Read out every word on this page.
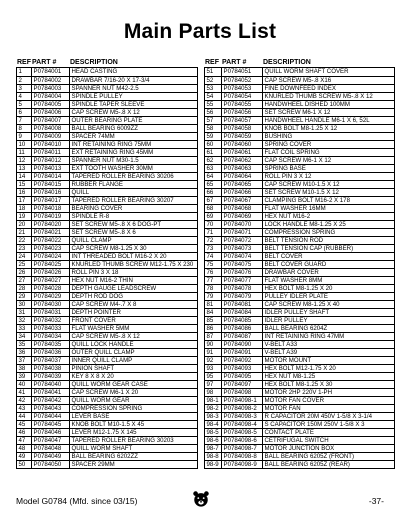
Main Parts List
REF PART #	DESCRIPTION
1	P0784001	HEAD CASTING
2	P0784002	DRAWBAR 7/16-20 X 17-3/4
3	P0784003	SPANNER NUT M42-2.5
4	P0784004	SPINDLE PULLEY
5	P0784005	SPINDLE TAPER SLEEVE
6	P0784006	CAP SCREW M5-.8 X 12
7	P0784007	OUTER BEARING PLATE
8	P0784008	BALL BEARING 6009ZZ
9	P0784009	SPACER 74MM
10	P0784010	INT RETAINING RING 75MM
11	P0784011	EXT RETAINING RING 45MM
12	P0784012	SPANNER NUT M30-1.5
13	P0784013	EXT TOOTH WASHER 30MM
14	P0784014	TAPERED ROLLER BEARING 30206
15	P0784015	RUBBER FLANGE
16	P0784016	QUILL
17	P0784017	TAPERED ROLLER BEARING 30207
18	P0784018	BEARING COVER
19	P0784019	SPINDLE R-8
20	P0784020	SET SCREW M5-.8 X 6 DOG-PT
21	P0784021	SET SCREW M5-.8 X 6
22	P0784022	QUILL CLAMP
23	P0784023	CAP SCREW M8-1.25 X 30
24	P0784024	INT THREADED BOLT M16-2 X 20
25	P0784025	KNURLED THUMB SCREW M12-1.75 X 230
26	P0784026	ROLL PIN 3 X 18
27	P0784027	HEX NUT M16-2 THIN
28	P0784028	DEPTH GAUGE LEADSCREW
29	P0784029	DEPTH ROD DOG
30	P0784030	CAP SCREW M4-.7 X 8
31	P0784031	DEPTH POINTER
32	P0784032	FRONT COVER
33	P0784033	FLAT WASHER 5MM
34	P0784034	CAP SCREW M5-.8 X 12
35	P0784035	QUILL LOCK HANDLE
36	P0784036	OUTER QUILL CLAMP
37	P0784037	INNER QUILL CLAMP
38	P0784038	PINION SHAFT
39	P0784039	KEY 8 X 8 X 20
40	P0784040	QUILL WORM GEAR CASE
41	P0784041	CAP SCREW M6-1 X 20
42	P0784042	QUILL WORM GEAR
43	P0784043	COMPRESSION SPRING
44	P0784044	LEVER BASE
45	P0784045	KNOB BOLT M10-1.5 X 45
46	P0784046	LEVER M12-1.75 X 145
47	P0784047	TAPERED ROLLER BEARING 30203
48	P0784048	QUILL WORM SHAFT
49	P0784049	BALL BEARING 6202ZZ
50	P0784050	SPACER 29MM
REF PART #	DESCRIPTION
51	P0784051	QUILL WORM SHAFT COVER
52	P0784052	CAP SCREW M5-.8 X16
53	P0784053	FINE DOWNFEED INDEX
54	P0784054	KNURLED THUMB SCREW M5-.8 X 12
55	P0784055	HANDWHEEL DISHED 100MM
56	P0784056	SET SCREW M6-1 X 12
57	P0784057	HANDWHEEL HANDLE M6-1 X 6, 52L
58	P0784058	KNOB BOLT M8-1.25 X 12
59	P0784059	BUSHING
60	P0784060	SPRING COVER
61	P0784061	FLAT COIL SPRING
62	P0784062	CAP SCREW M6-1 X 12
63	P0784063	SPRING BASE
64	P0784064	ROLL PIN 3 X 12
65	P0784065	CAP SCREW M10-1.5 X 12
66	P0784066	SET SCREW M10-1.5 X 12
67	P0784067	CLAMPING BOLT M16-2 X 178
68	P0784068	FLAT WASHER 16MM
69	P0784069	HEX NUT M16-2
70	P0784070	LOCK HANDLE M8-1.25 X 25
71	P0784071	COMPRESSION SPRING
72	P0784072	BELT TENSION ROD
73	P0784073	BELT TENSION CAP (RUBBER)
74	P0784074	BELT COVER
75	P0784075	BELT COVER GUARD
76	P0784076	DRAWBAR COVER
77	P0784077	FLAT WASHER 8MM
78	P0784078	HEX BOLT M8-1.25 X 20
79	P0784079	PULLEY IDLER PLATE
81	P0784081	CAP SCREW M8-1.25 X 40
84	P0784084	IDLER PULLEY SHAFT
85	P0784085	IDLER PULLEY
86	P0784086	BALL BEARING 6204Z
87	P0784087	INT RETAINING RING 47MM
90	P0784090	V-BELT A33
91	P0784091	V-BELT A39
92	P0784092	MOTOR MOUNT
93	P0784093	HEX BOLT M12-1.75 X 20
95	P0784095	HEX NUT M8-1.25
97	P0784097	HEX BOLT M8-1.25 X 30
98	P0784098	MOTOR 2HP 220V 1-PH
98-1 P0784098-1	MOTOR FAN COVER
98-2 P0784098-2	MOTOR FAN
98-3 P0784098-3	R CAPACITOR 20M 450V 1-5/8 X 3-1/4
98-4 P0784098-4	S CAPACITOR 150M 250V 1-5/8 X 3
98-5 P0784098-5	CONTACT PLATE
98-6 P0784098-6	CETRIFUGAL SWITCH
98-7 P0784098-7	MOTOR JUNCTION BOX
98-8 P0784098-8	BALL BEARING 6205Z (FRONT)
98-9 P0784098-9	BALL BEARING 6205Z (REAR)
Model G0784 (Mfd. since 03/15)	-37-
